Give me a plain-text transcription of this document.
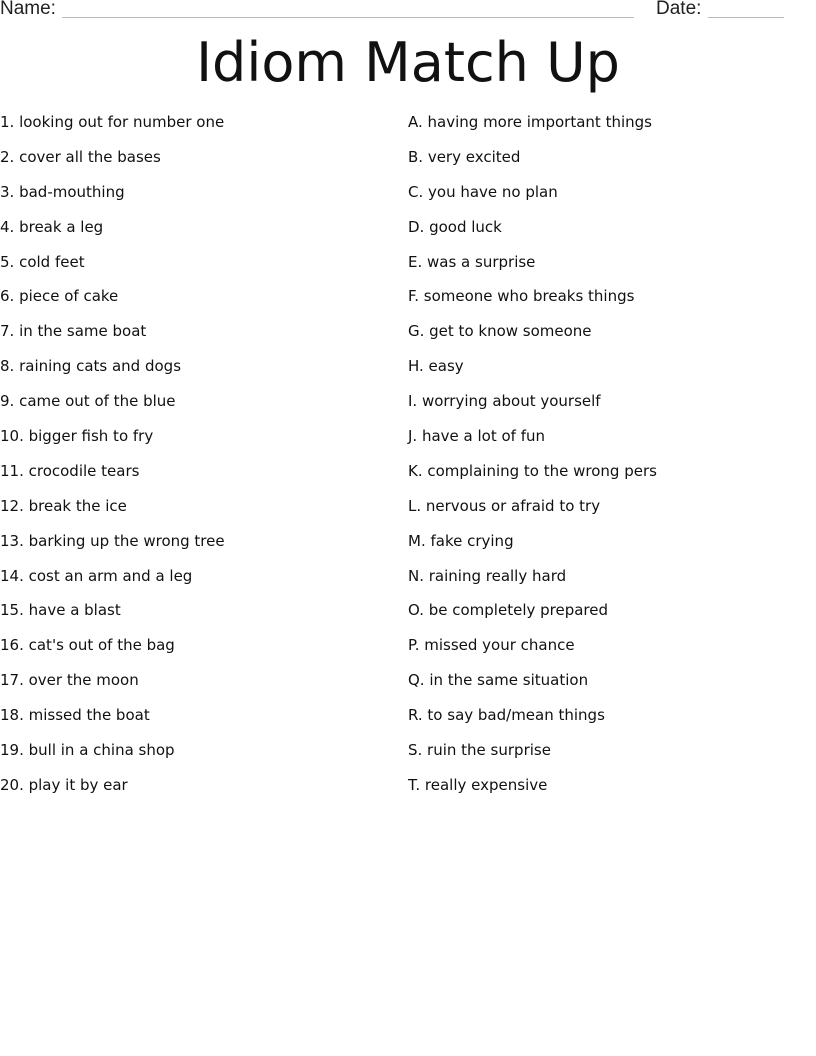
Name:	Date:
Idiom Match Up
1. looking out for number one
2. cover all the bases
3. bad-mouthing
4. break a leg
5. cold feet
6. piece of cake
7. in the same boat
8. raining cats and dogs
9. came out of the blue
10. bigger fish to fry
11. crocodile tears
12. break the ice
13. barking up the wrong tree
14. cost an arm and a leg
15. have a blast
16. cat's out of the bag
17. over the moon
18. missed the boat
19. bull in a china shop
20. play it by ear
A. having more important things
B. very excited
C. you have no plan
D. good luck
E. was a surprise
F. someone who breaks things
G. get to know someone
H. easy
I. worrying about yourself
J. have a lot of fun
K. complaining to the wrong pers
L. nervous or afraid to try
M. fake crying
N. raining really hard
O. be completely prepared
P. missed your chance
Q. in the same situation
R. to say bad/mean things
S. ruin the surprise
T. really expensive
